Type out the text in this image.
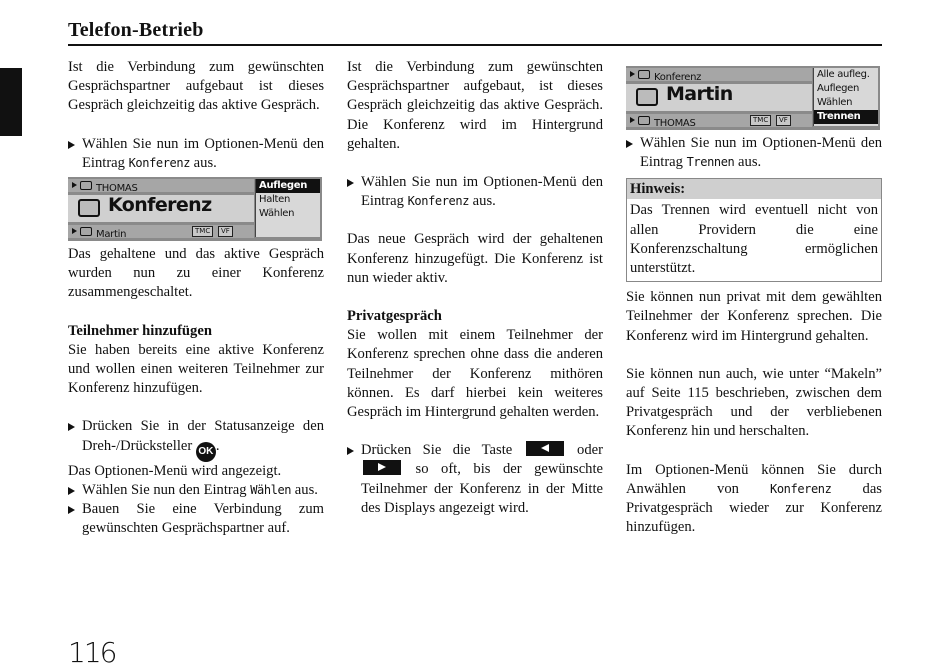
Telefon-Betrieb

Ist die Verbindung zum gewünschten Gesprächspartner aufgebaut ist dieses Gespräch gleichzeitig das aktive Gespräch.

Wählen Sie nun im Optionen-Menü den Eintrag Konferenz aus.

THOMAS
Konferenz
Martin	TMC	VF
Auflegen
Halten
Wählen

Das gehaltene und das aktive Gespräch wurden nun zu einer Konferenz zusammengeschaltet.

Teilnehmer hinzufügen

Sie haben bereits eine aktive Konferenz und wollen einen weiteren Teilnehmer zur Konferenz hinzufügen.

Drücken Sie in der Statusanzeige den Dreh-/Drücksteller OK .

Das Optionen-Menü wird angezeigt.

Wählen Sie nun den Eintrag Wählen aus.

Bauen Sie eine Verbindung zum gewünschten Gesprächspartner auf.

Ist die Verbindung zum gewünschten Gesprächspartner aufgebaut, ist dieses Gespräch gleichzeitig das aktive Gespräch. Die Konferenz wird im Hintergrund gehalten.

Wählen Sie nun im Optionen-Menü den Eintrag Konferenz aus.

Das neue Gespräch wird der gehaltenen Konferenz hinzugefügt. Die Konferenz ist nun wieder aktiv.

Privatgespräch

Sie wollen mit einem Teilnehmer der Konferenz sprechen ohne dass die anderen Teilnehmer der Konferenz mithören können. Es darf hierbei kein weiteres Gespräch im Hintergrund gehalten werden.

Drücken Sie die Taste	oder  so oft, bis der gewünschte Teilnehmer der Konferenz in der Mitte des Displays angezeigt wird.

Konferenz
Martin
THOMAS	TMC	VF
Alle aufleg.
Auflegen
Wählen
Trennen

Wählen Sie nun im Optionen-Menü den Eintrag Trennen aus.

Hinweis:
Das Trennen wird eventuell nicht von allen Providern die eine Konferenzschaltung ermöglichen unterstützt.

Sie können nun privat mit dem gewählten Teilnehmer der Konferenz sprechen. Die Konferenz wird im Hintergrund gehalten.

Sie können nun auch, wie unter “Makeln” auf Seite 115 beschrieben, zwischen dem Privatgespräch und der verbliebenen Konferenz hin und herschalten.

Im Optionen-Menü können Sie durch Anwählen von Konferenz das Privatgespräch wieder zur Konferenz hinzufügen.

116
